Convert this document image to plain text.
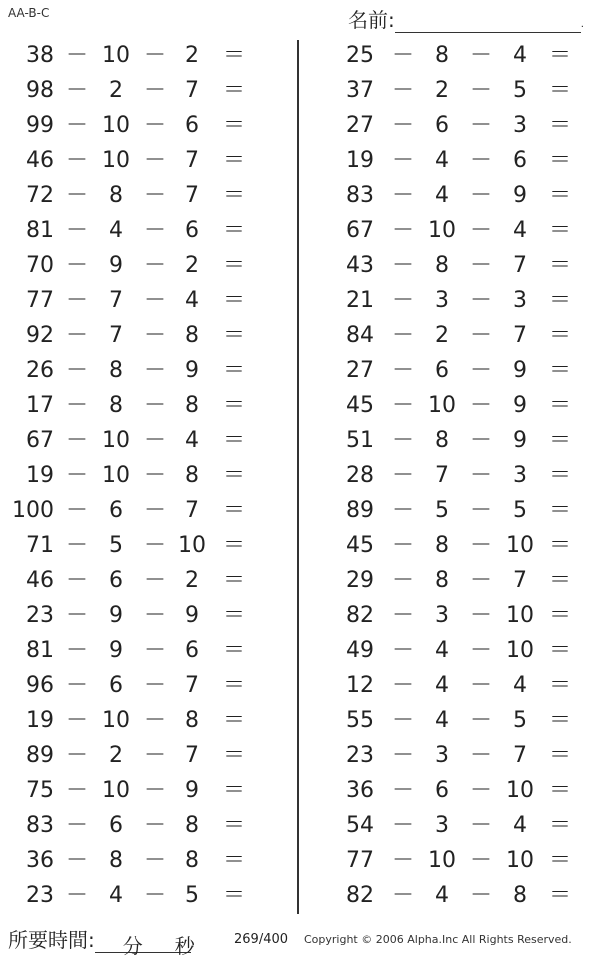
AA-B-C	名前:	.
38 － 10 － 2	＝
98 － 2 － 7	＝
99 － 10 － 6	＝
46 － 10 － 7	＝
72 － 8 － 7	＝
81 － 4 － 6	＝
70 － 9 － 2	＝
77 － 7 － 4	＝
92 － 7 － 8	＝
26 － 8 － 9	＝
17 － 8 － 8	＝
67 － 10 － 4	＝
19 － 10 － 8	＝
100 － 6 － 7	＝
71 － 5 － 10 ＝
46 － 6 － 2	＝
23 － 9 － 9	＝
81 － 9 － 6	＝
96 － 6 － 7	＝
19 － 10 － 8	＝
89 － 2 － 7	＝
75 － 10 － 9	＝
83 － 6 － 8	＝
36 － 8 － 8	＝
23 － 4 － 5	＝
25 － 8 － 4 ＝
37 － 2 － 5 ＝
27 － 6 － 3 ＝
19 － 4 － 6 ＝
83 － 4 － 9 ＝
67 － 10 － 4 ＝
43 － 8 － 7 ＝
21 － 3 － 3 ＝
84 － 2 － 7 ＝
27 － 6 － 9 ＝
45 － 10 － 9 ＝
51 － 8 － 9 ＝
28 － 7 － 3 ＝
89 － 5 － 5 ＝
45 － 8 － 10 ＝
29 － 8 － 7 ＝
82 － 3 － 10 ＝
49 － 4 － 10 ＝
12 － 4 － 4 ＝
55 － 4 － 5 ＝
23 － 3 － 7 ＝
36 － 6 － 10 ＝
54 － 3 － 4 ＝
77 － 10 － 10 ＝
82 － 4 － 8 ＝
所要時間: 分 秒	269/400 Copyright © 2006 Alpha.Inc All Rights Reserved.
